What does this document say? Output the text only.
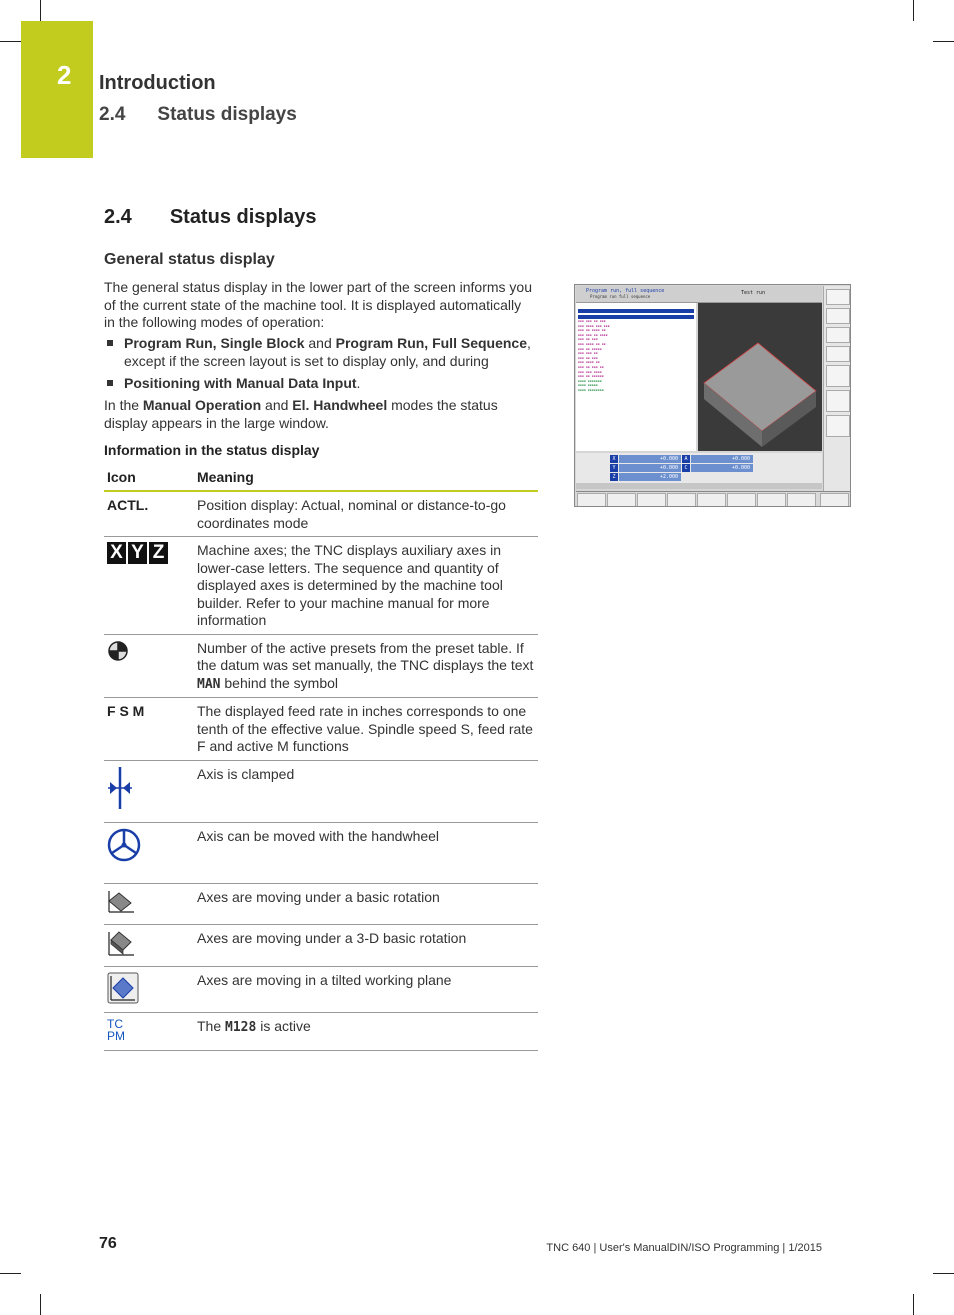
2 Introduction
2.4 Status displays
2.4 Status displays
General status display
The general status display in the lower part of the screen informs you of the current state of the machine tool. It is displayed automatically in the following modes of operation:
Program Run, Single Block and Program Run, Full Sequence, except if the screen layout is set to display only, and during
Positioning with Manual Data Input.
In the Manual Operation and El. Handwheel modes the status display appears in the large window.
Information in the status display
Icon	Meaning
ACTL.	Position display: Actual, nominal or distance-to-go coordinates mode

X Y Z	Machine axes; the TNC displays auxiliary axes in lower-case letters. The sequence and quantity of displayed axes is determined by the machine tool builder. Refer to your machine manual for more information
	Number of the active presets from the preset table. If the datum was set manually, the TNC displays the text MAN behind the symbol
F S M	The displayed feed rate in inches corresponds to one tenth of the effective value. Spindle speed S, feed rate F and active M functions
	Axis is clamped
	Axis can be moved with the handwheel
	Axes are moving under a basic rotation
	Axes are moving under a 3-D basic rotation
	Axes are moving in a tilted working plane

TC
PM	The M128 is active
Program run, full sequence
Program run full sequence
Test run
▪▪▪ ▪▪▪ ▪▪ ▪▪▪
▪▪▪ ▪▪▪▪ ▪▪▪ ▪▪▪
▪▪▪ ▪▪ ▪▪▪▪ ▪▪
▪▪▪ ▪▪▪ ▪▪ ▪▪▪▪
▪▪▪ ▪▪ ▪▪▪
▪▪▪ ▪▪▪▪ ▪▪ ▪▪
▪▪▪ ▪▪ ▪▪▪▪▪
▪▪▪ ▪▪▪ ▪▪
▪▪▪ ▪▪ ▪▪▪
▪▪▪ ▪▪▪▪ ▪▪
▪▪▪ ▪▪ ▪▪▪ ▪▪
▪▪▪ ▪▪▪ ▪▪▪▪
▪▪▪ ▪▪ ▪▪▪▪▪▪
▪▪▪▪ ▪▪▪▪▪▪▪
▪▪▪▪ ▪▪▪▪▪
▪▪▪▪ ▪▪▪▪▪▪▪▪
X	+0.000	A	+0.000
Y	+0.000	C	+0.000
Z	+2.000
76	TNC 640 | User's ManualDIN/ISO Programming | 1/2015
